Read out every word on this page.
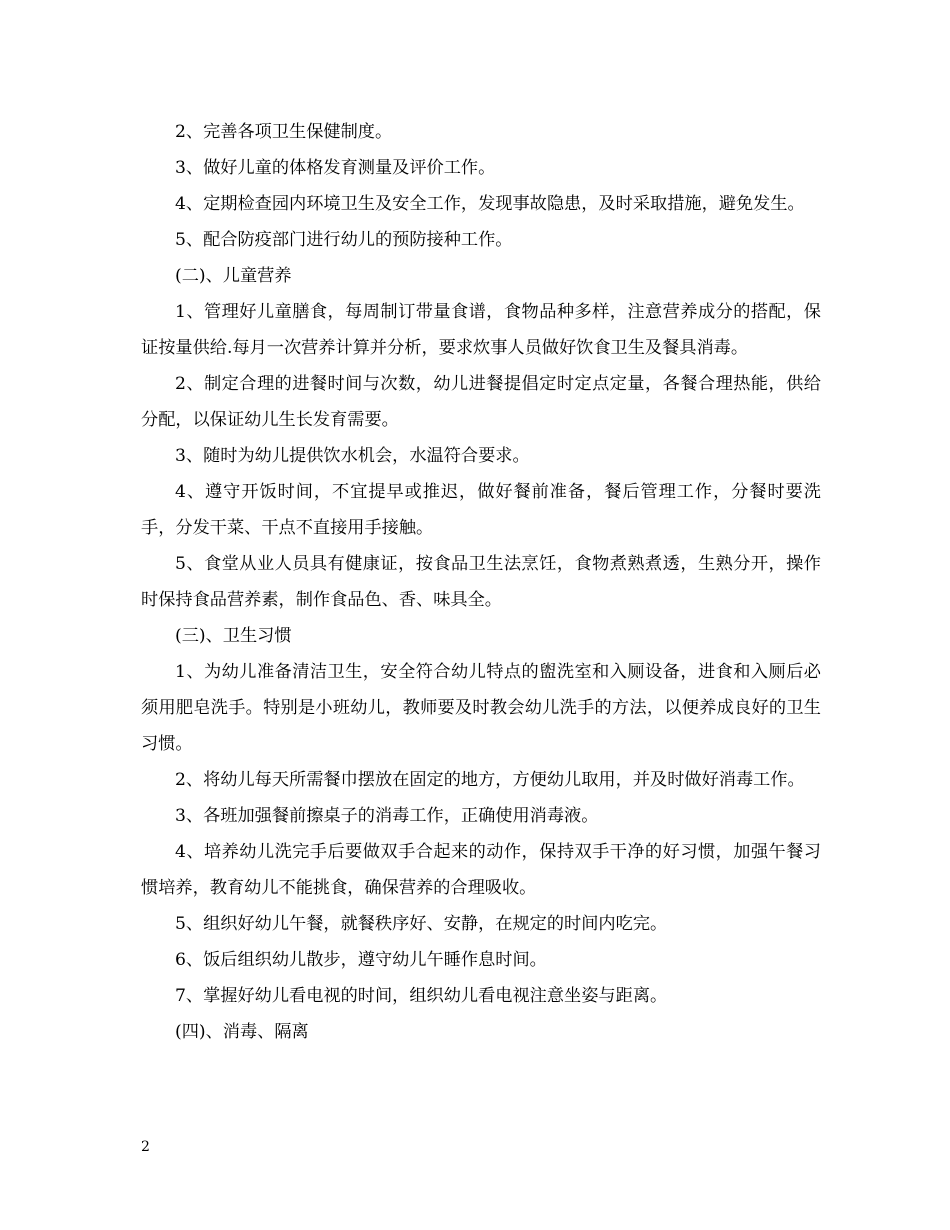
2、完善各项卫生保健制度。

3、做好儿童的体格发育测量及评价工作。

4、定期检查园内环境卫生及安全工作，发现事故隐患，及时采取措施，避免发生。

5、配合防疫部门进行幼儿的预防接种工作。

(二)、儿童营养

1、管理好儿童膳食，每周制订带量食谱，食物品种多样，注意营养成分的搭配，保证按量供给.每月一次营养计算并分析，要求炊事人员做好饮食卫生及餐具消毒。

2、制定合理的进餐时间与次数，幼儿进餐提倡定时定点定量，各餐合理热能，供给分配，以保证幼儿生长发育需要。

3、随时为幼儿提供饮水机会，水温符合要求。

4、遵守开饭时间，不宜提早或推迟，做好餐前准备，餐后管理工作，分餐时要洗手，分发干菜、干点不直接用手接触。

5、食堂从业人员具有健康证，按食品卫生法烹饪，食物煮熟煮透，生熟分开，操作时保持食品营养素，制作食品色、香、味具全。

(三)、卫生习惯

1、为幼儿准备清洁卫生，安全符合幼儿特点的盥洗室和入厕设备，进食和入厕后必须用肥皂洗手。特别是小班幼儿，教师要及时教会幼儿洗手的方法，以便养成良好的卫生习惯。

2、将幼儿每天所需餐巾摆放在固定的地方，方便幼儿取用，并及时做好消毒工作。

3、各班加强餐前擦桌子的消毒工作，正确使用消毒液。

4、培养幼儿洗完手后要做双手合起来的动作，保持双手干净的好习惯，加强午餐习惯培养，教育幼儿不能挑食，确保营养的合理吸收。

5、组织好幼儿午餐，就餐秩序好、安静，在规定的时间内吃完。

6、饭后组织幼儿散步，遵守幼儿午睡作息时间。

7、掌握好幼儿看电视的时间，组织幼儿看电视注意坐姿与距离。

(四)、消毒、隔离

2
